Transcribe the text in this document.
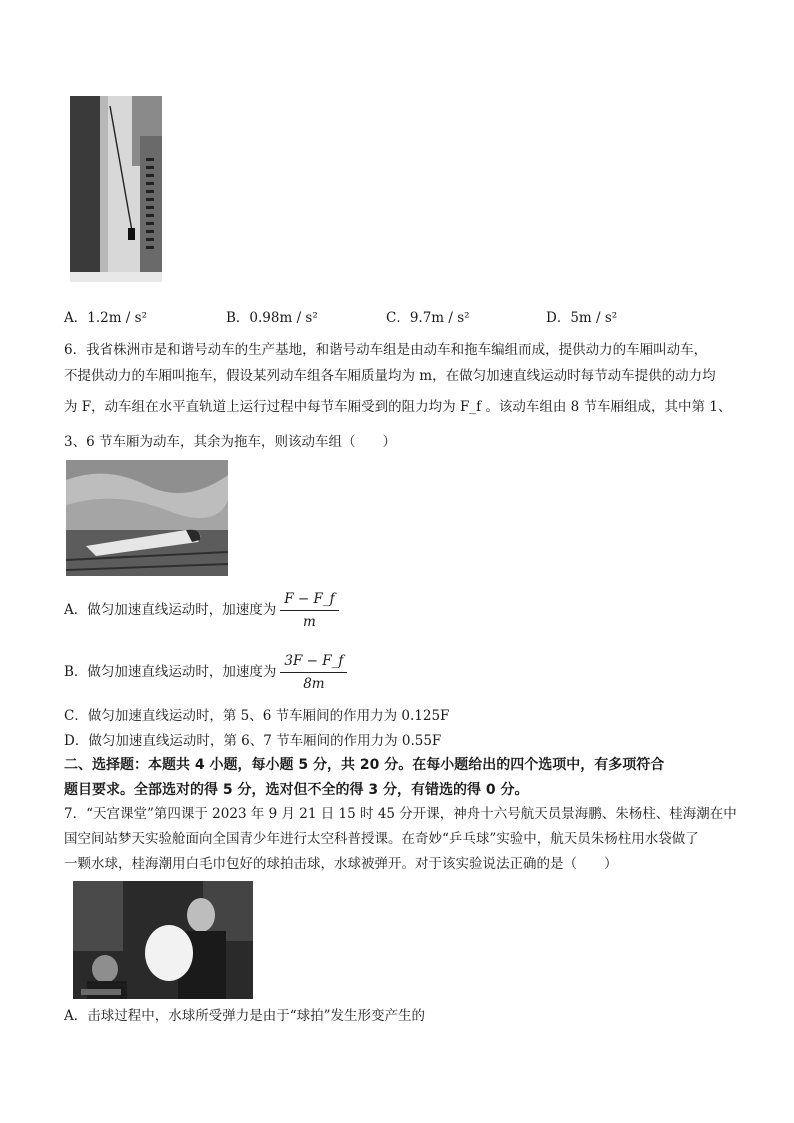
A．1.2m / s²	B．0.98m / s²	C．9.7m / s²	D．5m / s²
6．我省株洲市是和谐号动车的生产基地，和谐号动车组是由动车和拖车编组而成，提供动力的车厢叫动车，
不提供动力的车厢叫拖车，假设某列动车组各车厢质量均为 m，在做匀加速直线运动时每节动车提供的动力均
为 F，动车组在水平直轨道上运行过程中每节车厢受到的阻力均为 F_f 。该动车组由 8 节车厢组成，其中第 1、
3、6 节车厢为动车，其余为拖车，则该动车组（　　）
A．做匀加速直线运动时，加速度为 $\frac{F - F\_f}{m}$
B．做匀加速直线运动时，加速度为 $\frac{3F - F\_f}{8m}$
C．做匀加速直线运动时，第 5、6 节车厢间的作用力为 0.125F
D．做匀加速直线运动时，第 6、7 节车厢间的作用力为 0.55F
二、选择题：本题共 4 小题，每小题 5 分，共 20 分。在每小题给出的四个选项中，有多项符合
题目要求。全部选对的得 5 分，选对但不全的得 3 分，有错选的得 0 分。
7．“天宫课堂”第四课于 2023 年 9 月 21 日 15 时 45 分开课，神舟十六号航天员景海鹏、朱杨柱、桂海潮在中
国空间站梦天实验舱面向全国青少年进行太空科普授课。在奇妙“乒乓球”实验中，航天员朱杨柱用水袋做了
一颗水球，桂海潮用白毛巾包好的球拍击球，水球被弹开。对于该实验说法正确的是（　　）
A．击球过程中，水球所受弹力是由于“球拍”发生形变产生的
